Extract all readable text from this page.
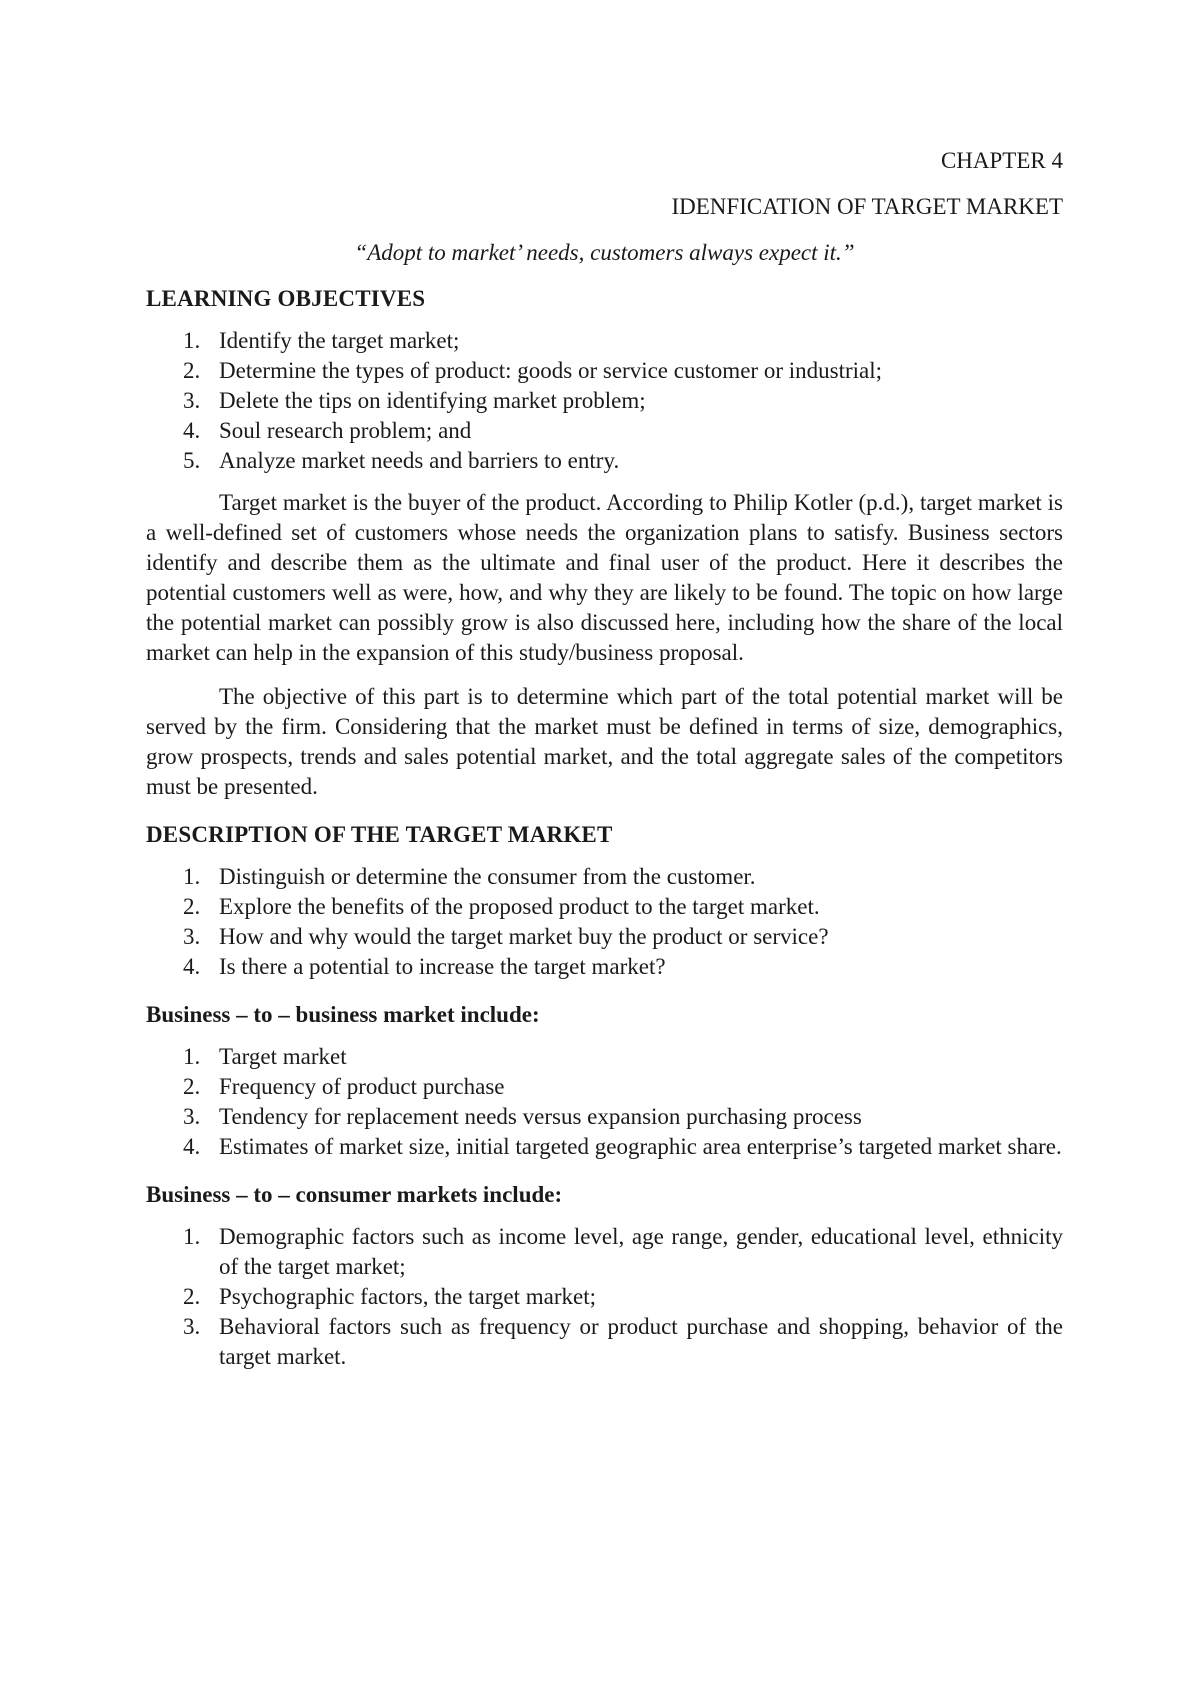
CHAPTER 4
IDENFICATION OF TARGET MARKET
“Adopt to market’ needs, customers always expect it.”
LEARNING OBJECTIVES
1. Identify the target market;
2. Determine the types of product: goods or service customer or industrial;
3. Delete the tips on identifying market problem;
4. Soul research problem; and
5. Analyze market needs and barriers to entry.

Target market is the buyer of the product. According to Philip Kotler (p.d.), target market is a well-defined set of customers whose needs the organization plans to satisfy. Business sectors identify and describe them as the ultimate and final user of the product. Here it describes the potential customers well as were, how, and why they are likely to be found. The topic on how large the potential market can possibly grow is also discussed here, including how the share of the local market can help in the expansion of this study/business proposal.

The objective of this part is to determine which part of the total potential market will be served by the firm. Considering that the market must be defined in terms of size, demographics, grow prospects, trends and sales potential market, and the total aggregate sales of the competitors must be presented.

DESCRIPTION OF THE TARGET MARKET
1. Distinguish or determine the consumer from the customer.
2. Explore the benefits of the proposed product to the target market.
3. How and why would the target market buy the product or service?
4. Is there a potential to increase the target market?
Business – to – business market include:
1. Target market
2. Frequency of product purchase
3. Tendency for replacement needs versus expansion purchasing process
4. Estimates of market size, initial targeted geographic area enterprise’s targeted market share.
Business – to – consumer markets include:
1. Demographic factors such as income level, age range, gender, educational level, ethnicity of the target market;
2. Psychographic factors, the target market;
3. Behavioral factors such as frequency or product purchase and shopping, behavior of the target market.
